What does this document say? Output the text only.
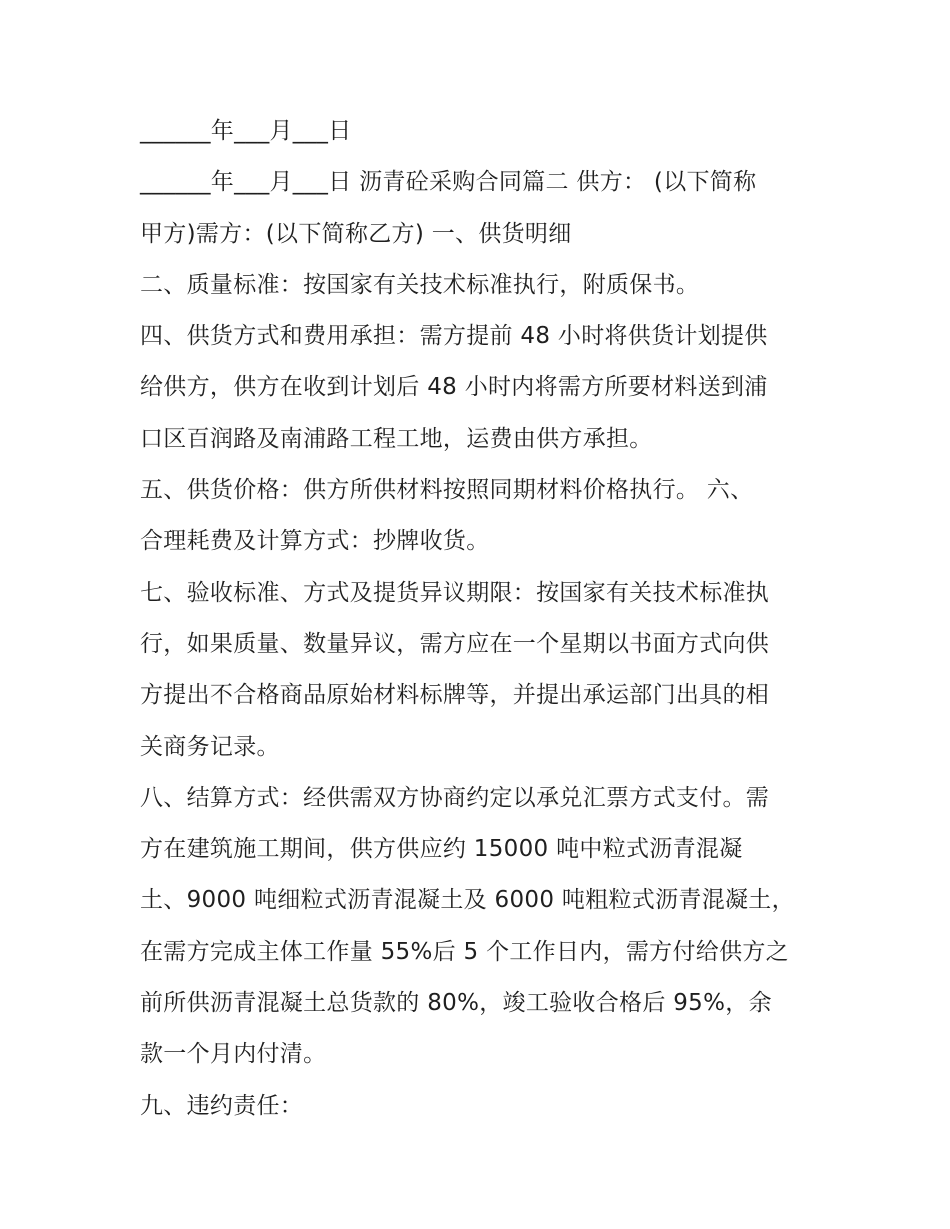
______年___月___日
______年___月___日 沥青砼采购合同篇二 供方： (以下简称
甲方)需方：(以下简称乙方) 一、供货明细
二、质量标准：按国家有关技术标准执行，附质保书。
四、供货方式和费用承担：需方提前 48 小时将供货计划提供
给供方，供方在收到计划后 48 小时内将需方所要材料送到浦
口区百润路及南浦路工程工地，运费由供方承担。
五、供货价格：供方所供材料按照同期材料价格执行。 六、
合理耗费及计算方式：抄牌收货。
七、验收标准、方式及提货异议期限：按国家有关技术标准执
行，如果质量、数量异议，需方应在一个星期以书面方式向供
方提出不合格商品原始材料标牌等，并提出承运部门出具的相
关商务记录。
八、结算方式：经供需双方协商约定以承兑汇票方式支付。需
方在建筑施工期间，供方供应约 15000 吨中粒式沥青混凝
土、9000 吨细粒式沥青混凝土及 6000 吨粗粒式沥青混凝土，
在需方完成主体工作量 55%后 5 个工作日内，需方付给供方之
前所供沥青混凝土总货款的 80%，竣工验收合格后 95%，余
款一个月内付清。
九、违约责任：
